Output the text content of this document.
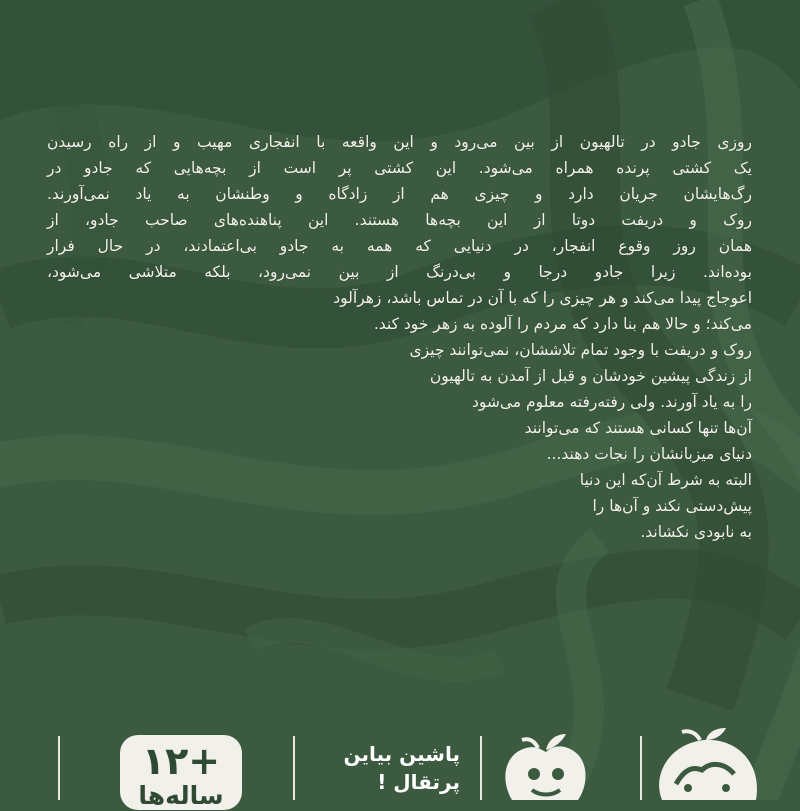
روزی جادو در تالهیون از بین می‌رود و این واقعه با انفجاری مهیب و از راه رسیدن

یک کشتی پرنده همراه می‌شود. این کشتی پر است از بچه‌هایی که جادو در

رگ‌هایشان جریان دارد و چیزی هم از زادگاه و وطنشان به یاد نمی‌آورند.

روک و دریفت دوتا از این بچه‌ها هستند. این پناهنده‌های صاحب جادو، از

همان روز وقوع انفجار، در دنیایی که همه به جادو بی‌اعتمادند، در حال فرار

بوده‌اند. زیرا جادو درجا و بی‌درنگ از بین نمی‌رود، بلکه متلاشی می‌شود،

اعوجاج پیدا می‌کند و هر چیزی را که با آن در تماس باشد، زهرآلود

می‌کند؛ و حالا هم بنا دارد که مردم را آلوده به زهر خود کند.

روک و دریفت با وجود تمام تلاششان، نمی‌توانند چیزی

از زندگی پیشین خودشان و قبل از آمدن به تالهیون

را به یاد آورند. ولی رفته‌رفته معلوم می‌شود

آن‌ها تنها کسانی هستند که می‌توانند

دنیای میزبانشان را نجات دهند...

البته به شرط آن‌که این دنیا

پیش‌دستی نکند و آن‌ها را

به نابودی نکشاند.

+۱۲
ساله‌ها
پاشین بیاین
پرتقال !
